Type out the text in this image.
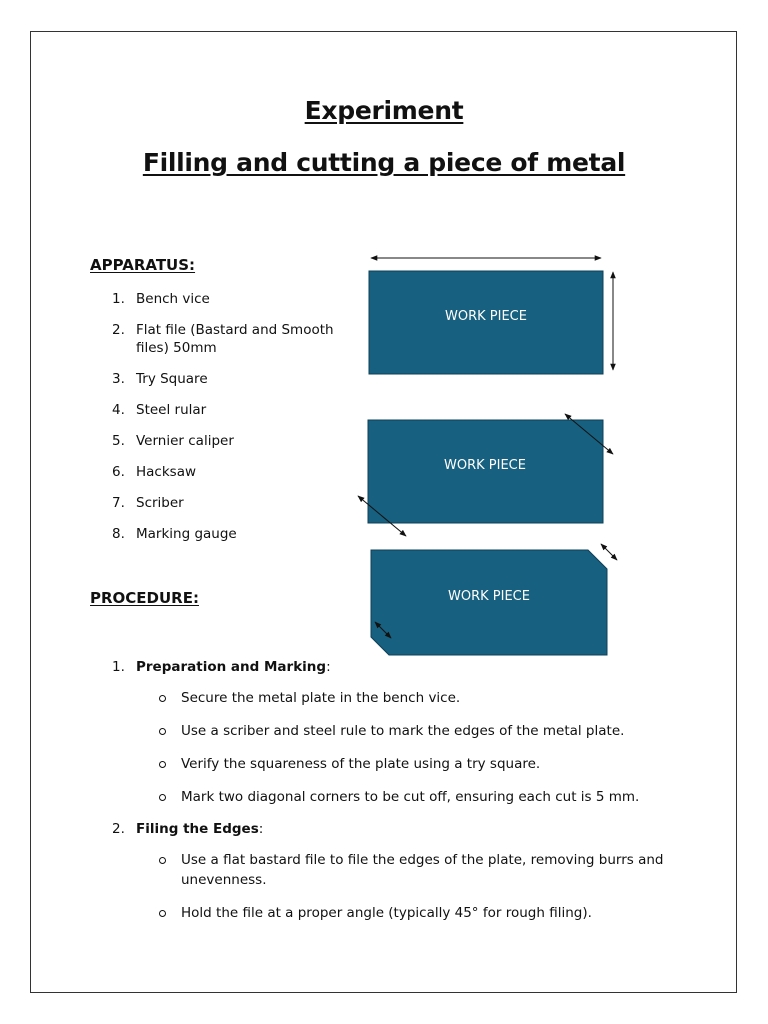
Experiment
Filling and cutting a piece of metal
APPARATUS:
1. Bench vice
2. Flat file (Bastard and Smooth files) 50mm
3. Try Square
4. Steel rular
5. Vernier caliper
6. Hacksaw
7. Scriber
8. Marking gauge
PROCEDURE:
WORK PIECE
WORK PIECE
WORK PIECE
1. Preparation and Marking:
Secure the metal plate in the bench vice.
Use a scriber and steel rule to mark the edges of the metal plate.
Verify the squareness of the plate using a try square.
Mark two diagonal corners to be cut off, ensuring each cut is 5 mm.
2. Filing the Edges:
Use a flat bastard file to file the edges of the plate, removing burrs and unevenness.
Hold the file at a proper angle (typically 45° for rough filing).
